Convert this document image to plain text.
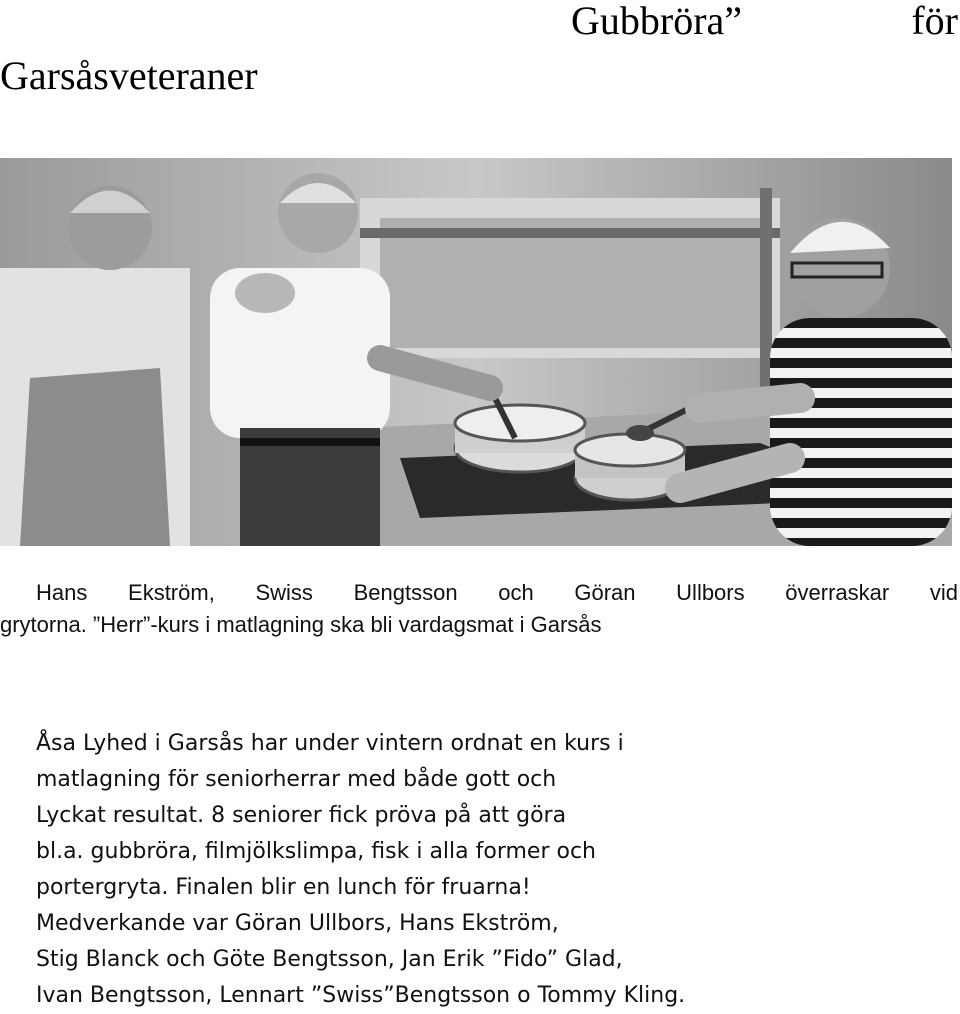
Gubbröra”	för
Garsåsveteraner
Hans Ekström, Swiss Bengtsson och Göran Ullbors överraskar vid
grytorna. ”Herr”-kurs i matlagning ska bli vardagsmat i Garsås
Åsa Lyhed i Garsås har under vintern ordnat en kurs i
matlagning för seniorherrar med både gott och
Lyckat resultat. 8 seniorer fick pröva på att göra
bl.a. gubbröra, filmjölkslimpa, fisk i alla former och
portergryta. Finalen blir en lunch för fruarna!
Medverkande var Göran Ullbors, Hans Ekström,
Stig Blanck och Göte Bengtsson, Jan Erik ”Fido” Glad,
Ivan Bengtsson, Lennart ”Swiss”Bengtsson o Tommy Kling.
